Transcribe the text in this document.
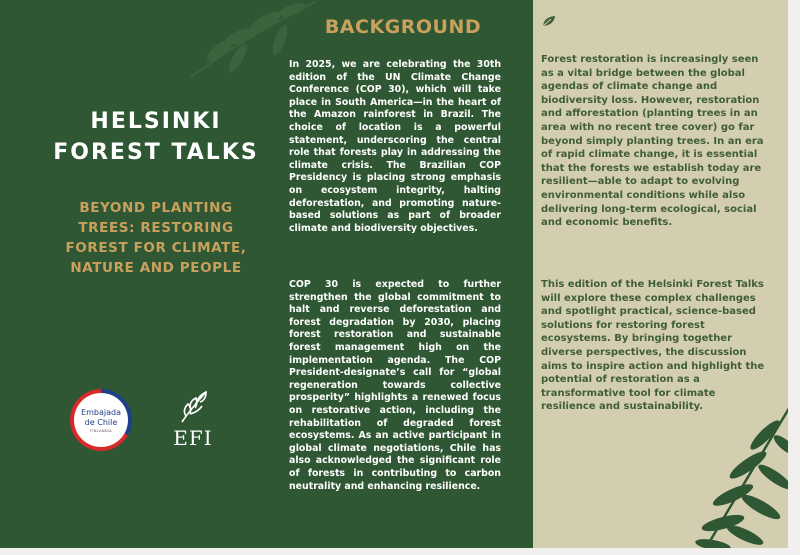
HELSINKI
FOREST TALKS
BEYOND PLANTING
TREES: RESTORING
FOREST FOR CLIMATE,
NATURE AND PEOPLE
Embajada
de Chile
FINLANDIA	EFI
BACKGROUND
In 2025, we are celebrating the 30th
edition of the UN Climate Change
Conference (COP 30), which will take
place in South America—in the heart of
the Amazon rainforest in Brazil. The
choice of location is a powerful
statement, underscoring the central
role that forests play in addressing the
climate crisis. The Brazilian COP
Presidency is placing strong emphasis
on ecosystem integrity, halting
deforestation, and promoting nature-
based solutions as part of broader
climate and biodiversity objectives.
COP 30 is expected to further
strengthen the global commitment to
halt and reverse deforestation and
forest degradation by 2030, placing
forest restoration and sustainable
forest management high on the
implementation agenda. The COP
President-designate’s call for “global
regeneration towards collective
prosperity” highlights a renewed focus
on restorative action, including the
rehabilitation of degraded forest
ecosystems. As an active participant in
global climate negotiations, Chile has
also acknowledged the significant role
of forests in contributing to carbon
neutrality and enhancing resilience.
Forest restoration is increasingly seen
as a vital bridge between the global
agendas of climate change and
biodiversity loss. However, restoration
and afforestation (planting trees in an
area with no recent tree cover) go far
beyond simply planting trees. In an era
of rapid climate change, it is essential
that the forests we establish today are
resilient—able to adapt to evolving
environmental conditions while also
delivering long-term ecological, social
and economic benefits.
This edition of the Helsinki Forest Talks
will explore these complex challenges
and spotlight practical, science-based
solutions for restoring forest
ecosystems. By bringing together
diverse perspectives, the discussion
aims to inspire action and highlight the
potential of restoration as a
transformative tool for climate
resilience and sustainability.
